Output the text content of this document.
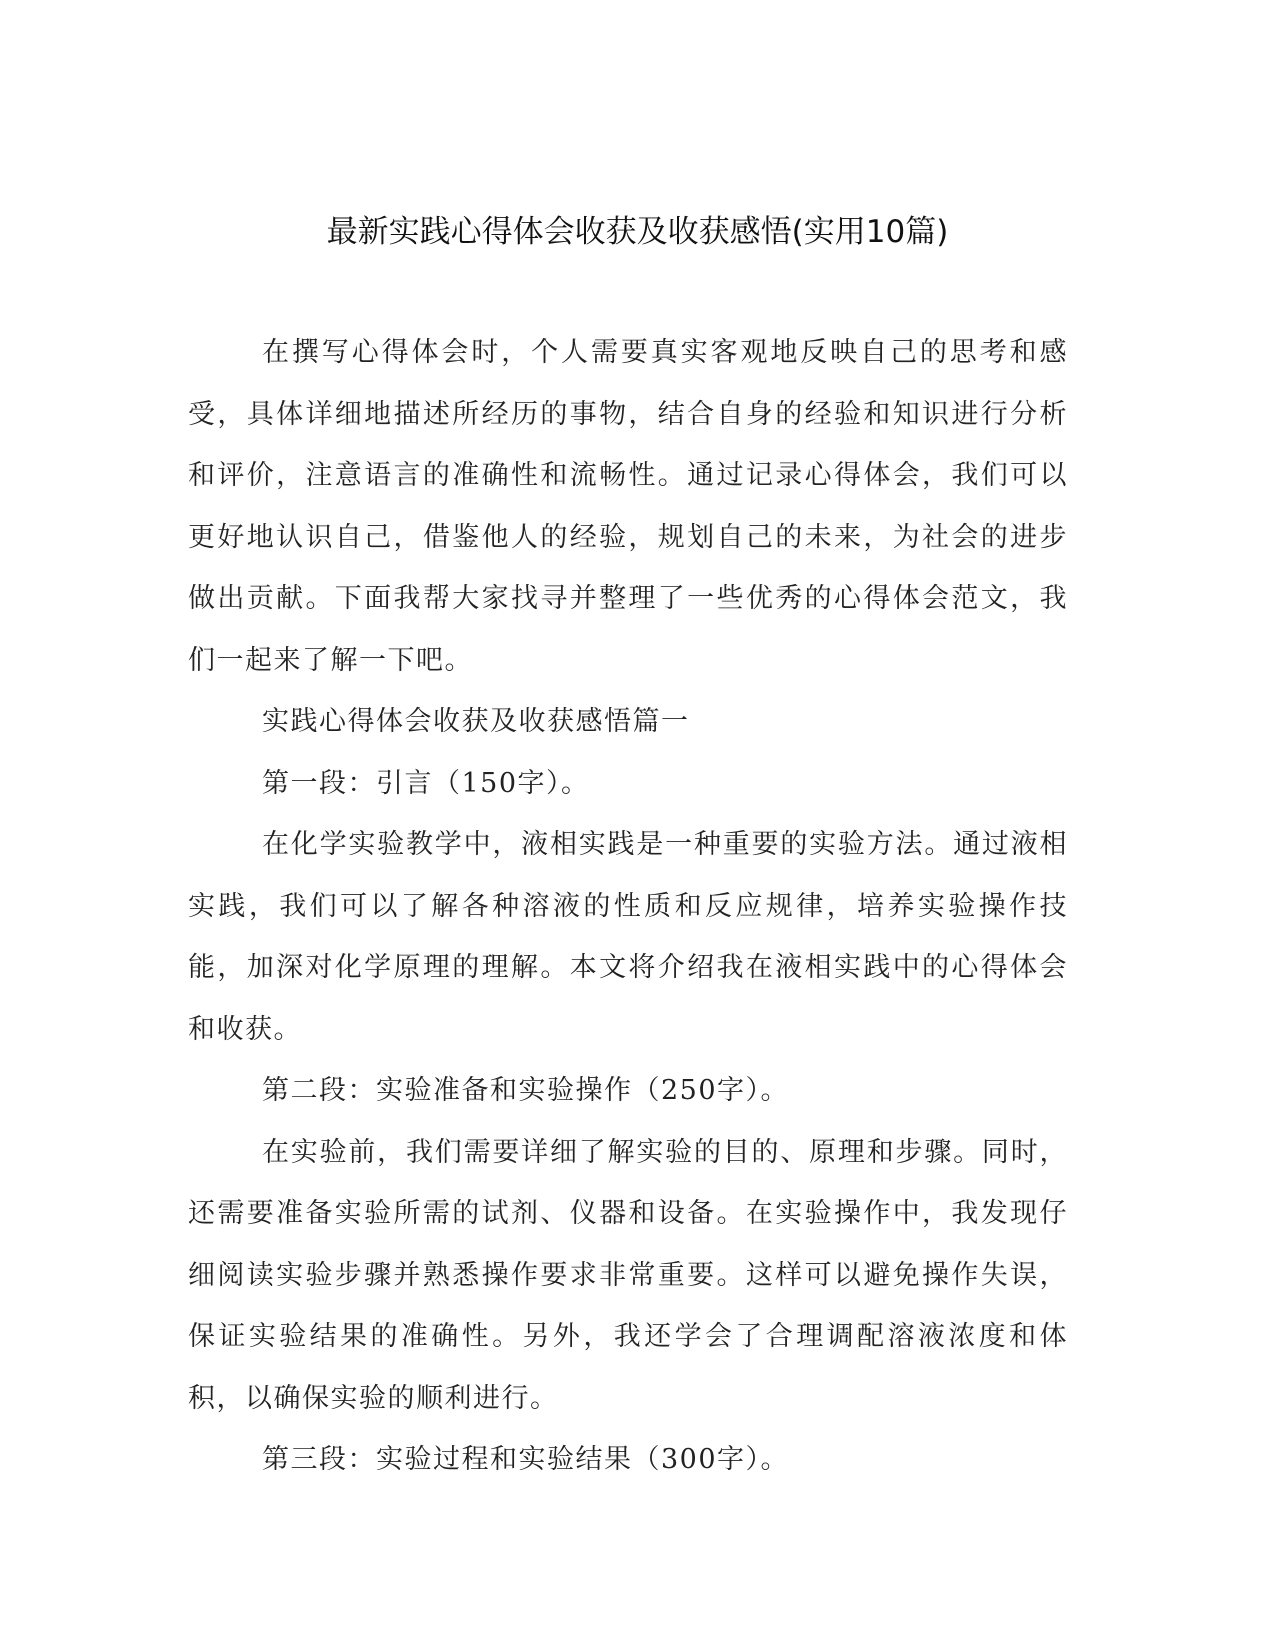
最新实践心得体会收获及收获感悟(实用10篇)

在撰写心得体会时，个人需要真实客观地反映自己的思考和感受，具体详细地描述所经历的事物，结合自身的经验和知识进行分析和评价，注意语言的准确性和流畅性。通过记录心得体会，我们可以更好地认识自己，借鉴他人的经验，规划自己的未来，为社会的进步做出贡献。下面我帮大家找寻并整理了一些优秀的心得体会范文，我们一起来了解一下吧。

实践心得体会收获及收获感悟篇一

第一段：引言（150字）。

在化学实验教学中，液相实践是一种重要的实验方法。通过液相实践，我们可以了解各种溶液的性质和反应规律，培养实验操作技能，加深对化学原理的理解。本文将介绍我在液相实践中的心得体会和收获。

第二段：实验准备和实验操作（250字）。

在实验前，我们需要详细了解实验的目的、原理和步骤。同时，还需要准备实验所需的试剂、仪器和设备。在实验操作中，我发现仔细阅读实验步骤并熟悉操作要求非常重要。这样可以避免操作失误，保证实验结果的准确性。另外，我还学会了合理调配溶液浓度和体积，以确保实验的顺利进行。

第三段：实验过程和实验结果（300字）。
